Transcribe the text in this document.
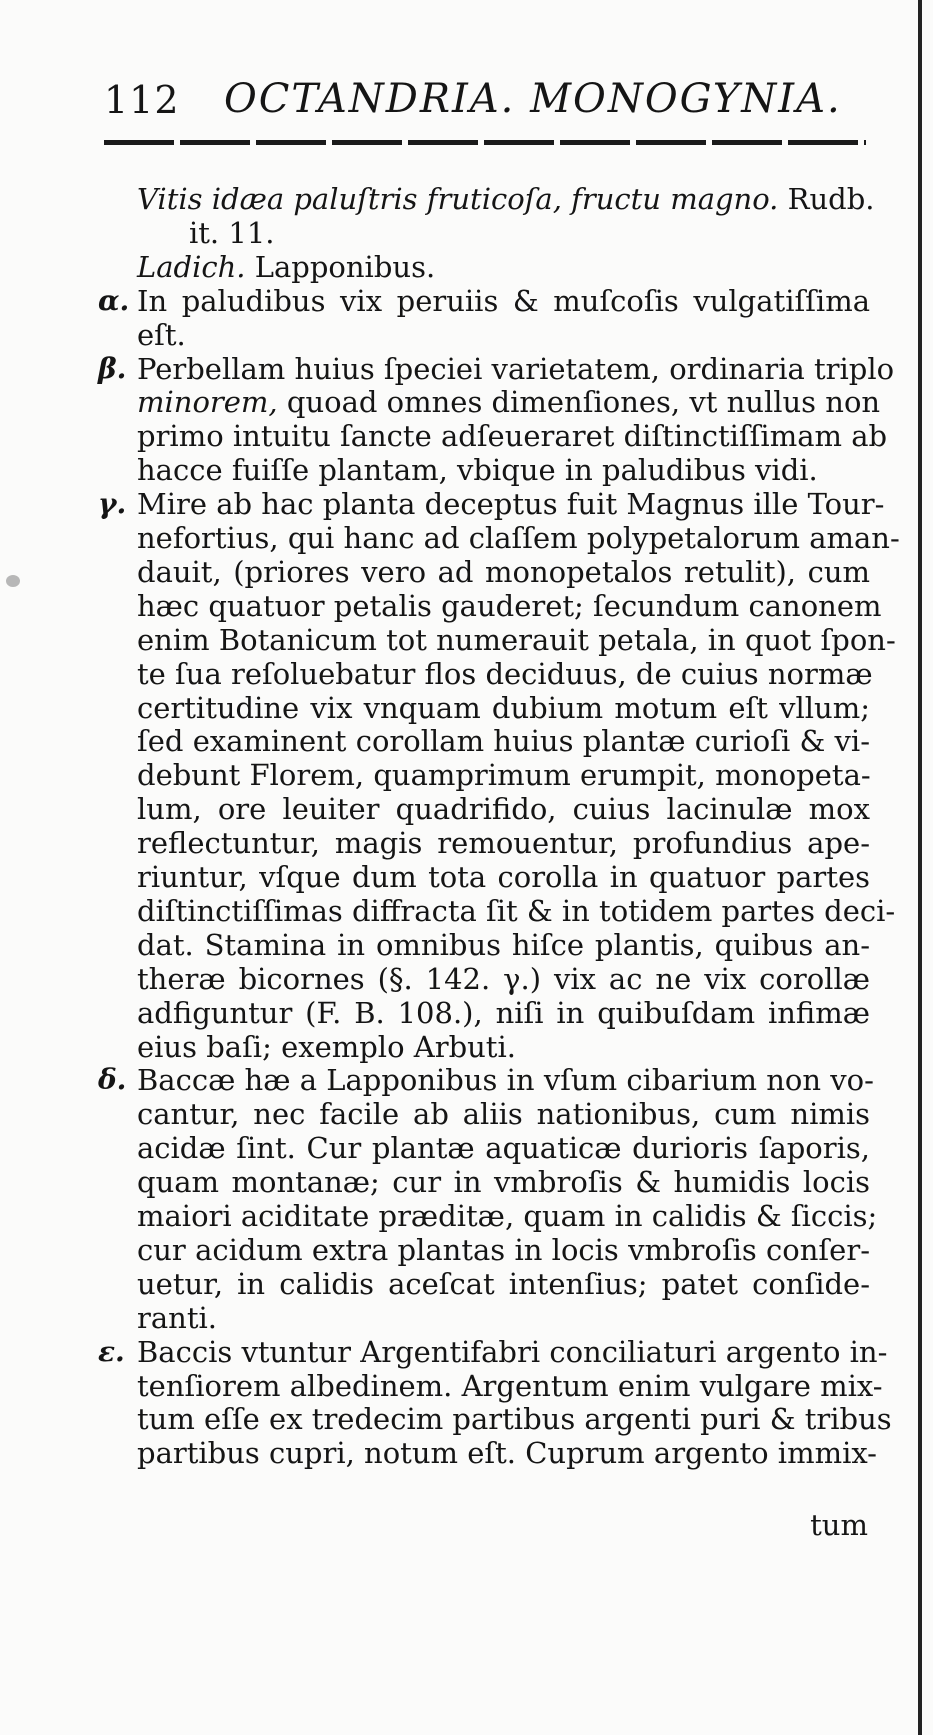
112 OCTANDRIA. MONOGYNIA.
Vitis idæa paluſtris fruticoſa, fructu magno. Rudb.
it. 11.
Ladich. Lapponibus.
α. In paludibus vix peruiis & muſcoſis vulgatiſſima
eſt.
β. Perbellam huius ſpeciei varietatem, ordinaria triplo
minorem, quoad omnes dimenſiones, vt nullus non
primo intuitu ſancte adſeueraret diſtinctiſſimam ab
hacce fuiſſe plantam, vbique in paludibus vidi.
γ. Mire ab hac planta deceptus fuit Magnus ille Tour-
nefortius, qui hanc ad claſſem polypetalorum aman-
dauit, (priores vero ad monopetalos retulit), cum
hæc quatuor petalis gauderet; ſecundum canonem
enim Botanicum tot numerauit petala, in quot ſpon-
te ſua reſoluebatur flos deciduus, de cuius normæ
certitudine vix vnquam dubium motum eſt vllum;
ſed examinent corollam huius plantæ curioſi & vi-
debunt Florem, quamprimum erumpit, monopeta-
lum, ore leuiter quadrifido, cuius lacinulæ mox
reflectuntur, magis remouentur, profundius ape-
riuntur, vſque dum tota corolla in quatuor partes
diſtinctiſſimas diffracta ſit & in totidem partes deci-
dat. Stamina in omnibus hiſce plantis, quibus an-
theræ bicornes (§. 142. γ.) vix ac ne vix corollæ
adfiguntur (F. B. 108.), niſi in quibuſdam infimæ
eius baſi; exemplo Arbuti.
δ. Baccæ hæ a Lapponibus in vſum cibarium non vo-
cantur, nec facile ab aliis nationibus, cum nimis
acidæ ſint. Cur plantæ aquaticæ durioris ſaporis,
quam montanæ; cur in vmbroſis & humidis locis
maiori aciditate præditæ, quam in calidis & ſiccis;
cur acidum extra plantas in locis vmbroſis conſer-
uetur, in calidis aceſcat intenſius; patet conſide-
ranti.
ε. Baccis vtuntur Argentifabri conciliaturi argento in-
tenſiorem albedinem. Argentum enim vulgare mix-
tum eſſe ex tredecim partibus argenti puri & tribus
partibus cupri, notum eſt. Cuprum argento immix-
tum
